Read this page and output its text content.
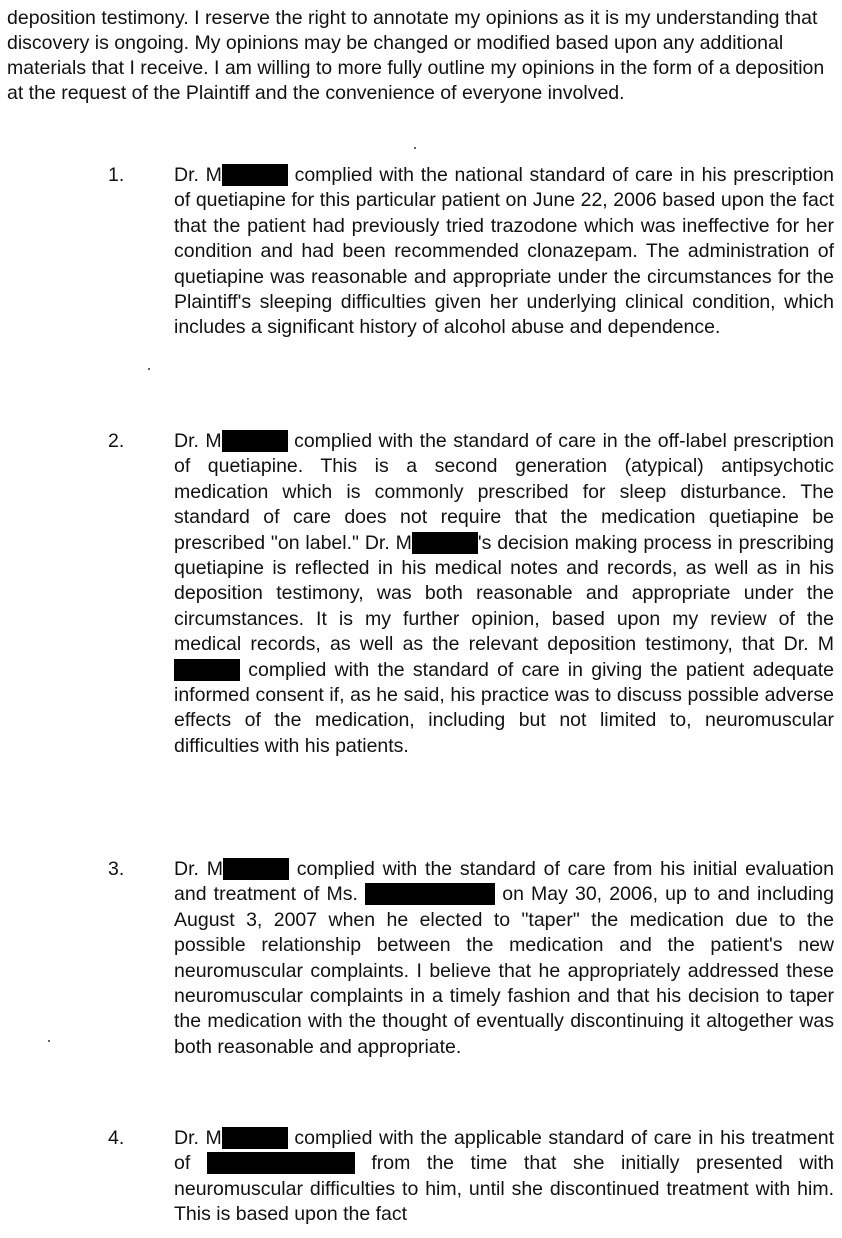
deposition testimony. I reserve the right to annotate my opinions as it is my understanding that discovery is ongoing. My opinions may be changed or modified based upon any additional materials that I receive. I am willing to more fully outline my opinions in the form of a deposition at the request of the Plaintiff and the convenience of everyone involved.

1.	Dr. M	complied with the national standard of care in his prescription of quetiapine for this particular patient on June 22, 2006 based upon the fact that the patient had previously tried trazodone which was ineffective for her condition and had been recommended clonazepam. The administration of quetiapine was reasonable and appropriate under the circumstances for the Plaintiff's sleeping difficulties given her underlying clinical condition, which includes a significant history of alcohol abuse and dependence.

2.	Dr. M	complied with the standard of care in the off-label prescription of quetiapine. This is a second generation (atypical) antipsychotic medication which is commonly prescribed for sleep disturbance. The standard of care does not require that the medication quetiapine be prescribed "on label." Dr. M	's decision making process in prescribing quetiapine is reflected in his medical notes and records, as well as in his deposition testimony, was both reasonable and appropriate under the circumstances. It is my further opinion, based upon my review of the medical records, as well as the relevant deposition testimony, that Dr. M complied with the standard of care in giving the patient adequate informed consent if, as he said, his practice was to discuss possible adverse effects of the medication, including but not limited to, neuromuscular difficulties with his patients.

3.	Dr. M	complied with the standard of care from his initial evaluation and treatment of Ms.	on May 30, 2006, up to and including August 3, 2007 when he elected to "taper" the medication due to the possible relationship between the medication and the patient's new neuromuscular complaints. I believe that he appropriately addressed these neuromuscular complaints in a timely fashion and that his decision to taper the medication with the thought of eventually discontinuing it altogether was both reasonable and appropriate.

4.	Dr. M	complied with the applicable standard of care in his treatment of	from the time that she initially presented with neuromuscular difficulties to him, until she discontinued treatment with him. This is based upon the fact
